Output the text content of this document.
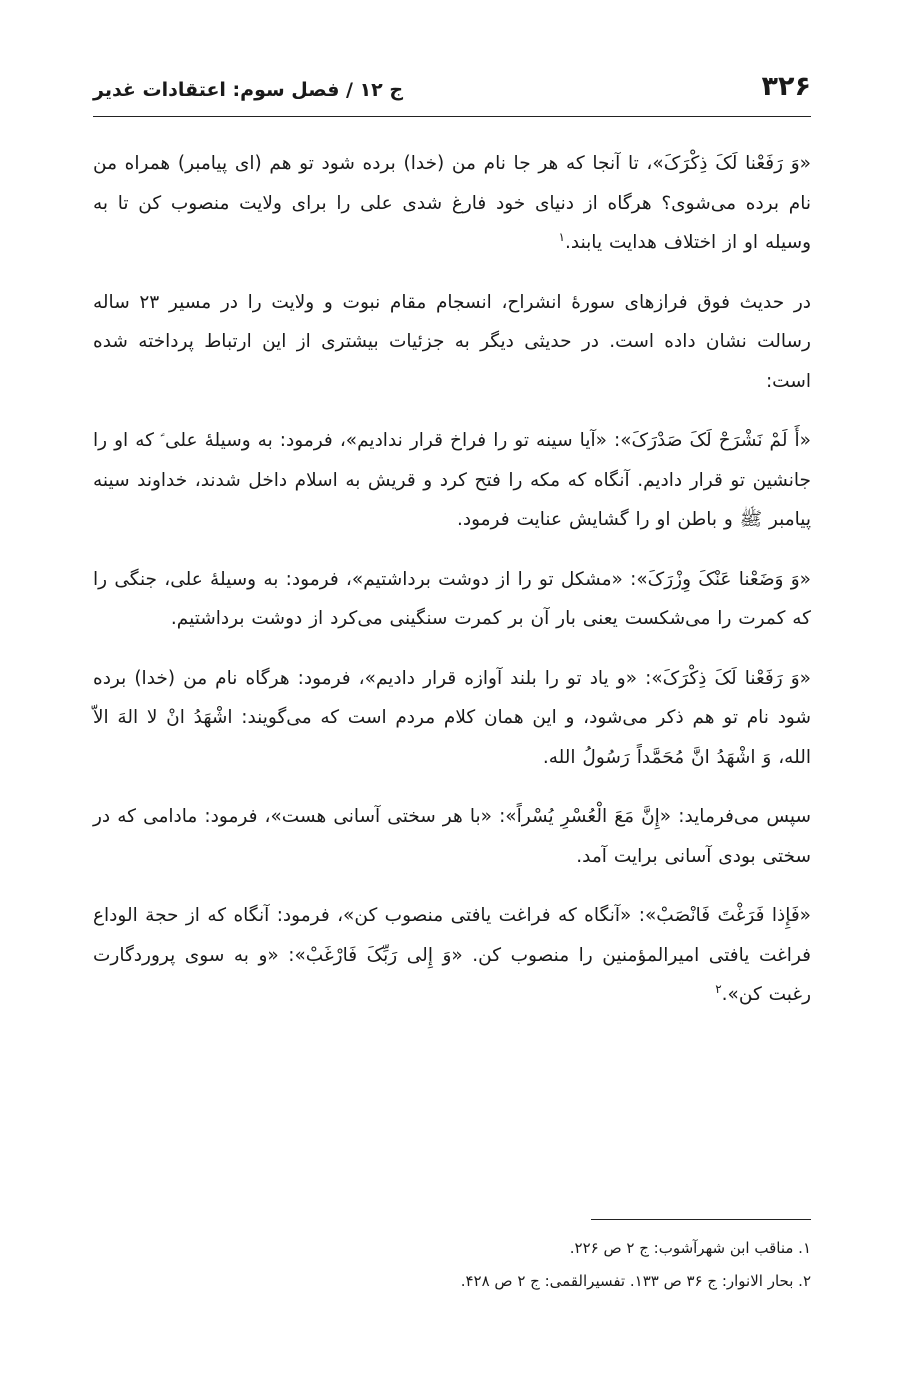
۳۲۶
ج ۱۲ / فصل سوم: اعتقادات غدیر

«وَ رَفَعْنا لَکَ ذِکْرَکَ»، تا آنجا که هر جا نام من (خدا) برده شود تو هم (ای پیامبر) همراه من نام برده می‌شوی؟ هرگاه از دنیای خود فارغ شدی علی را برای ولایت منصوب کن تا به وسیله او از اختلاف هدایت یابند.$^۱$

در حدیث فوق فرازهای سورهٔ انشراح، انسجام مقام نبوت و ولایت را در مسیر ۲۳ ساله رسالت نشان داده است. در حدیثی دیگر به جزئیات بیشتری از این ارتباط پرداخته شده است:

«أَ لَمْ نَشْرَحْ لَکَ صَدْرَکَ»: «آیا سینه تو را فراخ قرار ندادیم»، فرمود: به وسیلهٔ علی ؑ که او را جانشین تو قرار دادیم. آنگاه که مکه را فتح کرد و قریش به اسلام داخل شدند، خداوند سینه پیامبر ﷺ و باطن او را گشایش عنایت فرمود.

«وَ وَضَعْنا عَنْکَ وِزْرَکَ»: «مشکل تو را از دوشت برداشتیم»، فرمود: به وسیلهٔ علی، جنگی را که کمرت را می‌شکست یعنی بار آن بر کمرت سنگینی می‌کرد از دوشت برداشتیم.

«وَ رَفَعْنا لَکَ ذِکْرَکَ»: «و یاد تو را بلند آوازه قرار دادیم»، فرمود: هرگاه نام من (خدا) برده شود نام تو هم ذکر می‌شود، و این همان کلام مردم است که می‌گویند: اشْهَدُ انْ لا الهَ الاّ الله، وَ اشْهَدُ انَّ مُحَمَّداً رَسُولُ الله.

سپس می‌فرماید: «إِنَّ مَعَ الْعُسْرِ یُسْراً»: «با هر سختی آسانی هست»، فرمود: مادامی که در سختی بودی آسانی برایت آمد.

«فَإِذا فَرَغْتَ فَانْصَبْ»: «آنگاه که فراغت یافتی منصوب کن»، فرمود: آنگاه که از حجة الوداع فراغت یافتی امیرالمؤمنین را منصوب کن. «وَ إِلی رَبِّکَ فَارْغَبْ»: «و به سوی پروردگارت رغبت کن».$^۲$

۱. مناقب ابن شهرآشوب: ج ۲ ص ۲۲۶.
۲. بحار الانوار: ج ۳۶ ص ۱۳۳. تفسیرالقمی: ج ۲ ص ۴۲۸.
